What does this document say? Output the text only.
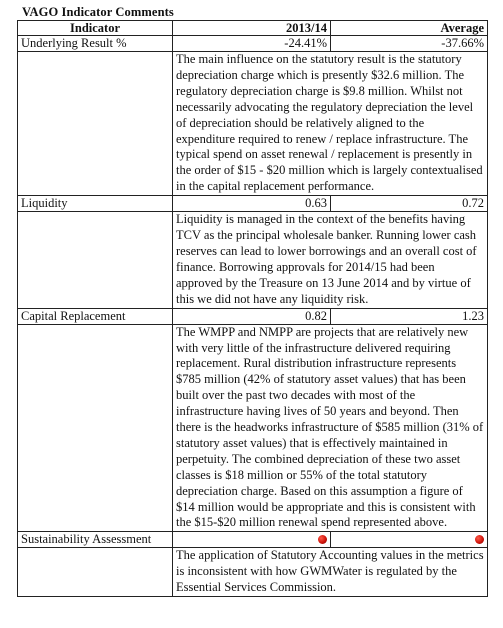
VAGO Indicator Comments
Indicator	2013/14	Average
Underlying Result %	-24.41%	-37.66%
	The main influence on the statutory result is the statutory depreciation charge which is presently $32.6 million. The regulatory depreciation charge is $9.8 million. Whilst not necessarily advocating the regulatory depreciation the level of depreciation should be relatively aligned to the expenditure required to renew / replace infrastructure. The typical spend on asset renewal / replacement is presently in the order of $15 - $20 million which is largely contextualised in the capital replacement performance.	
Liquidity	0.63	0.72
	Liquidity is managed in the context of the benefits having TCV as the principal wholesale banker. Running lower cash reserves can lead to lower borrowings and an overall cost of finance. Borrowing approvals for 2014/15 had been approved by the Treasure on 13 June 2014 and by virtue of this we did not have any liquidity risk.	
Capital Replacement	0.82	1.23
	The WMPP and NMPP are projects that are relatively new with very little of the infrastructure delivered requiring replacement. Rural distribution infrastructure represents $785 million (42% of statutory asset values) that has been built over the past two decades with most of the infrastructure having lives of 50 years and beyond. Then there is the headworks infrastructure of $585 million (31% of statutory asset values) that is effectively maintained in perpetuity. The combined depreciation of these two asset classes is $18 million or 55% of the total statutory depreciation charge. Based on this assumption a figure of $14 million would be appropriate and this is consistent with the $15-$20 million renewal spend represented above.	
Sustainability Assessment		
	The application of Statutory Accounting values in the metrics is inconsistent with how GWMWater is regulated by the Essential Services Commission.	
